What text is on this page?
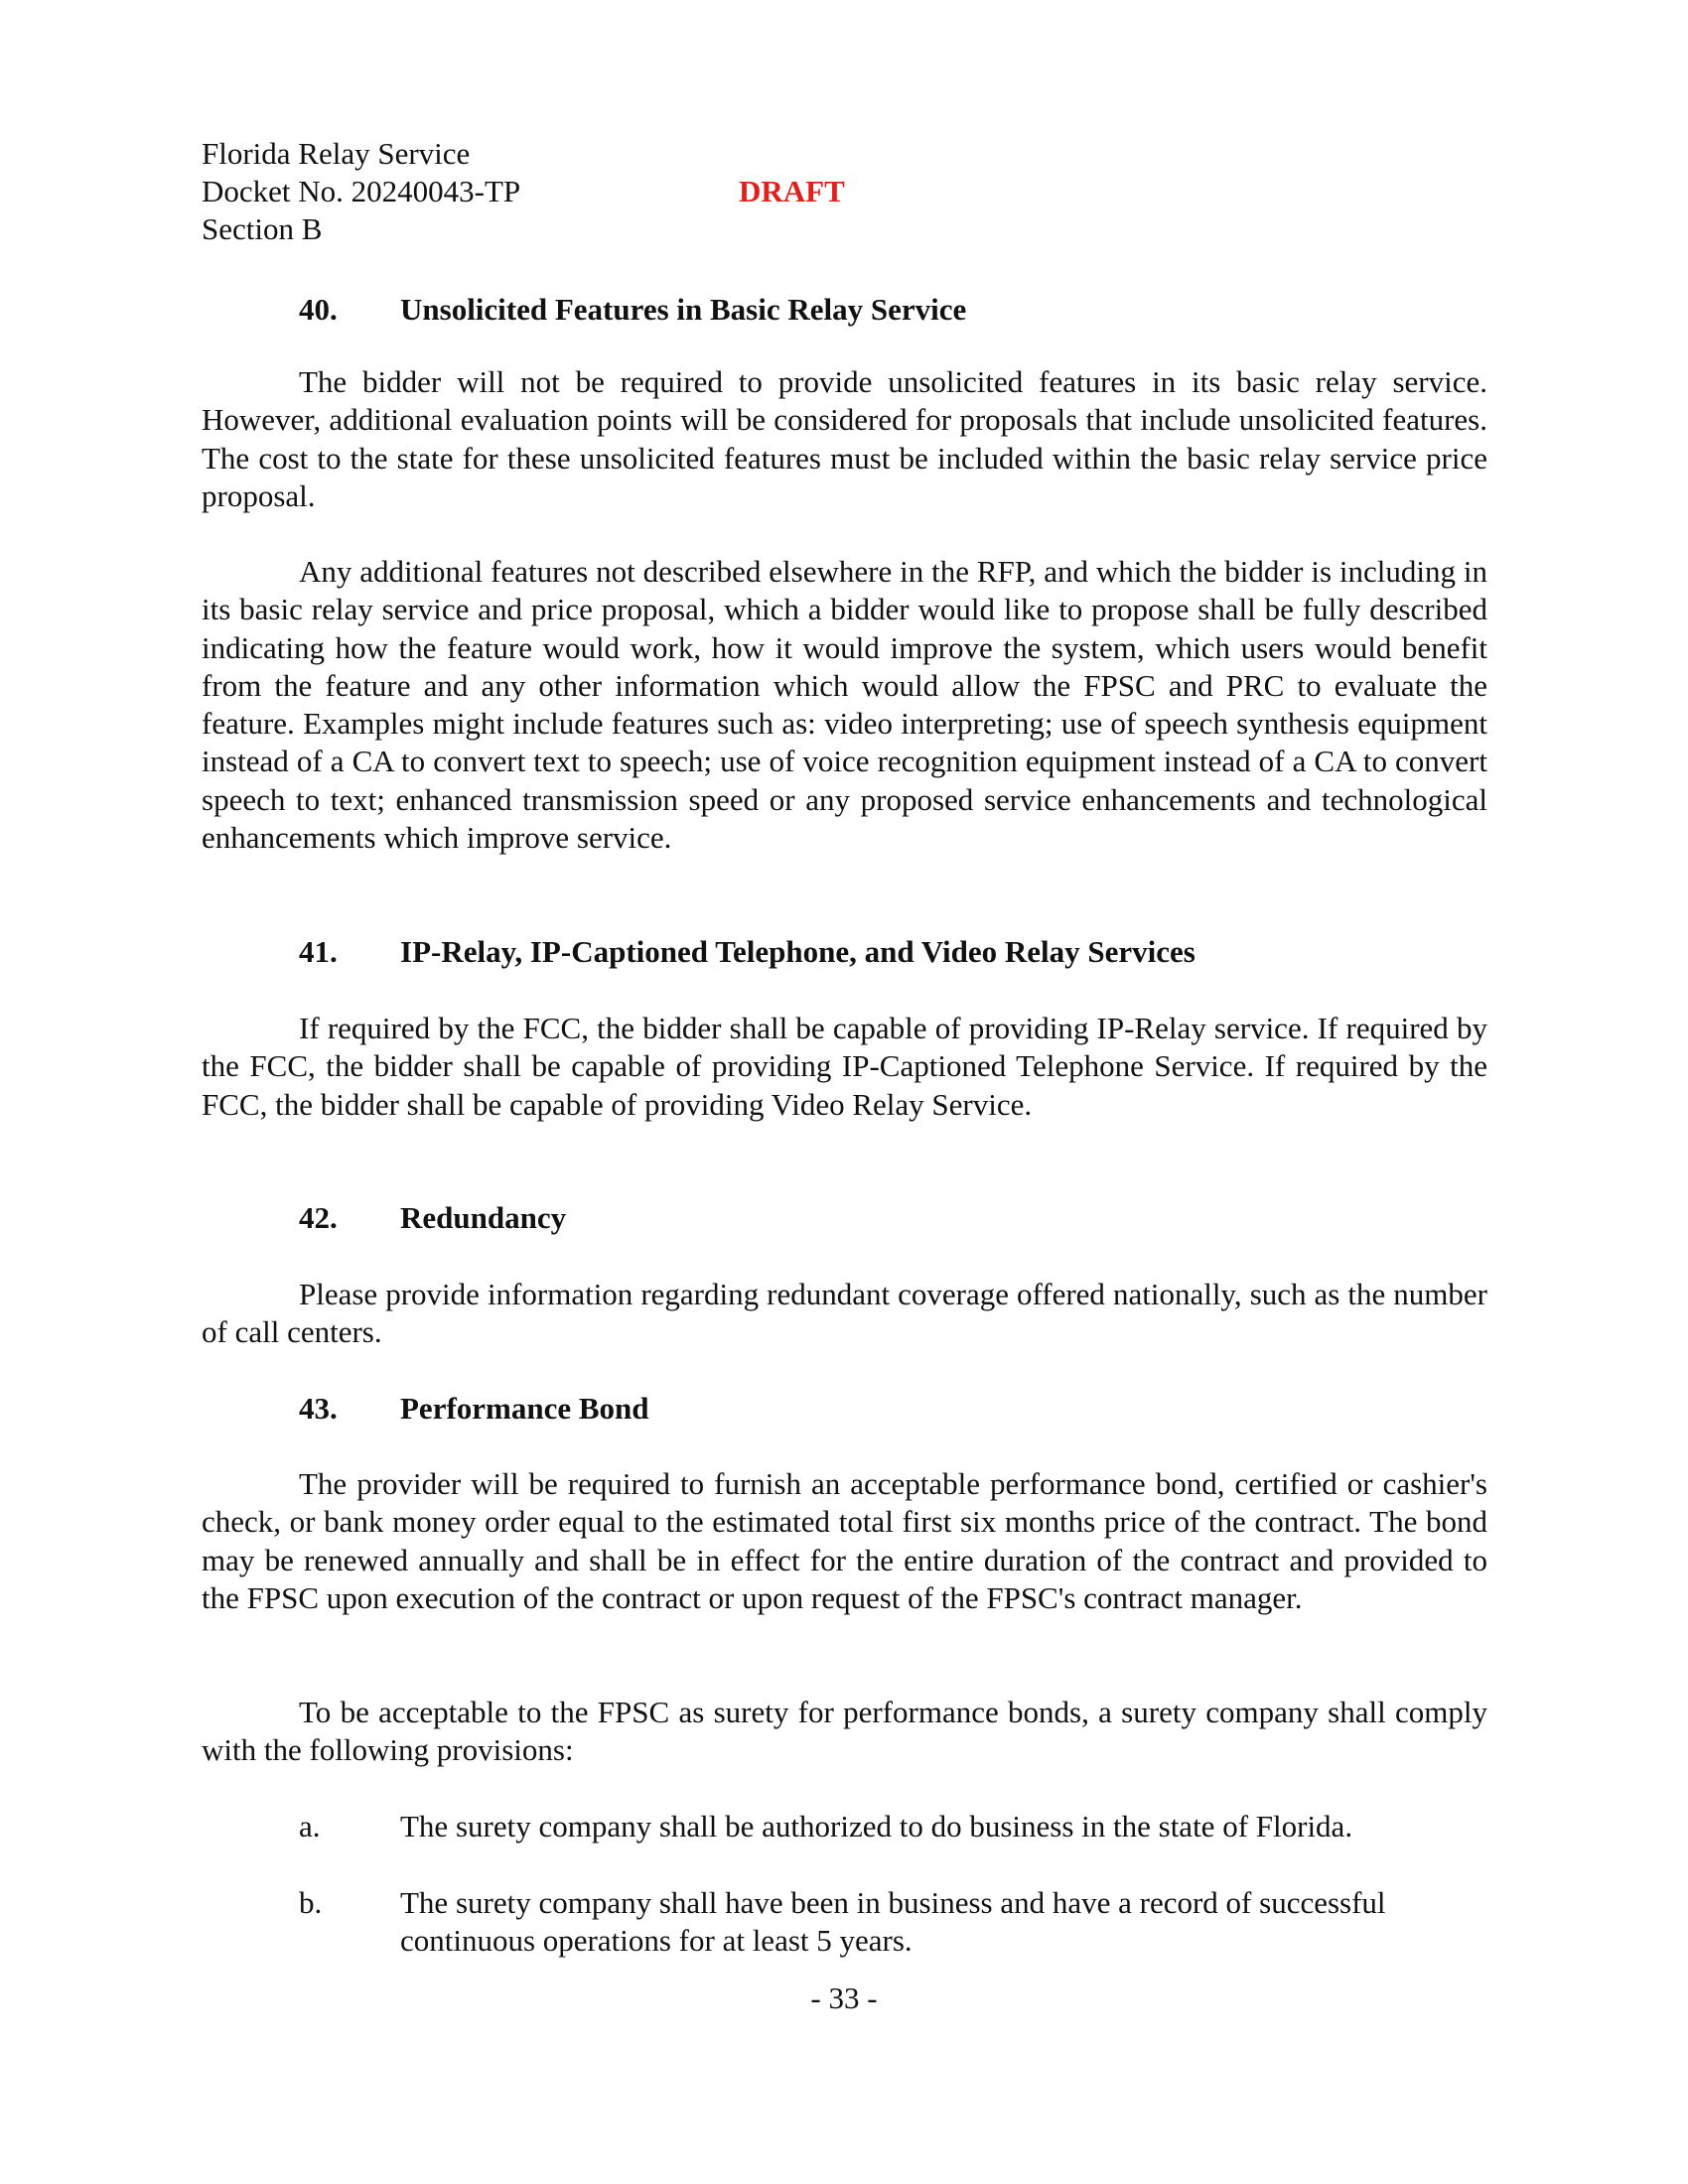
Florida Relay Service
Docket No. 20240043-TP
Section B
DRAFT
40. Unsolicited Features in Basic Relay Service

The bidder will not be required to provide unsolicited features in its basic relay service. However, additional evaluation points will be considered for proposals that include unsolicited features. The cost to the state for these unsolicited features must be included within the basic relay service price proposal.

Any additional features not described elsewhere in the RFP, and which the bidder is including in its basic relay service and price proposal, which a bidder would like to propose shall be fully described indicating how the feature would work, how it would improve the system, which users would benefit from the feature and any other information which would allow the FPSC and PRC to evaluate the feature. Examples might include features such as: video interpreting; use of speech synthesis equipment instead of a CA to convert text to speech; use of voice recognition equipment instead of a CA to convert speech to text; enhanced transmission speed or any proposed service enhancements and technological enhancements which improve service.

41. IP-Relay, IP-Captioned Telephone, and Video Relay Services

If required by the FCC, the bidder shall be capable of providing IP-Relay service. If required by the FCC, the bidder shall be capable of providing IP-Captioned Telephone Service. If required by the FCC, the bidder shall be capable of providing Video Relay Service.

42. Redundancy

Please provide information regarding redundant coverage offered nationally, such as the number of call centers.

43. Performance Bond

The provider will be required to furnish an acceptable performance bond, certified or cashier's check, or bank money order equal to the estimated total first six months price of the contract. The bond may be renewed annually and shall be in effect for the entire duration of the contract and provided to the FPSC upon execution of the contract or upon request of the FPSC's contract manager.

To be acceptable to the FPSC as surety for performance bonds, a surety company shall comply with the following provisions:

a.	The surety company shall be authorized to do business in the state of Florida.
b.	The surety company shall have been in business and have a record of successful continuous operations for at least 5 years.
- 33 -
